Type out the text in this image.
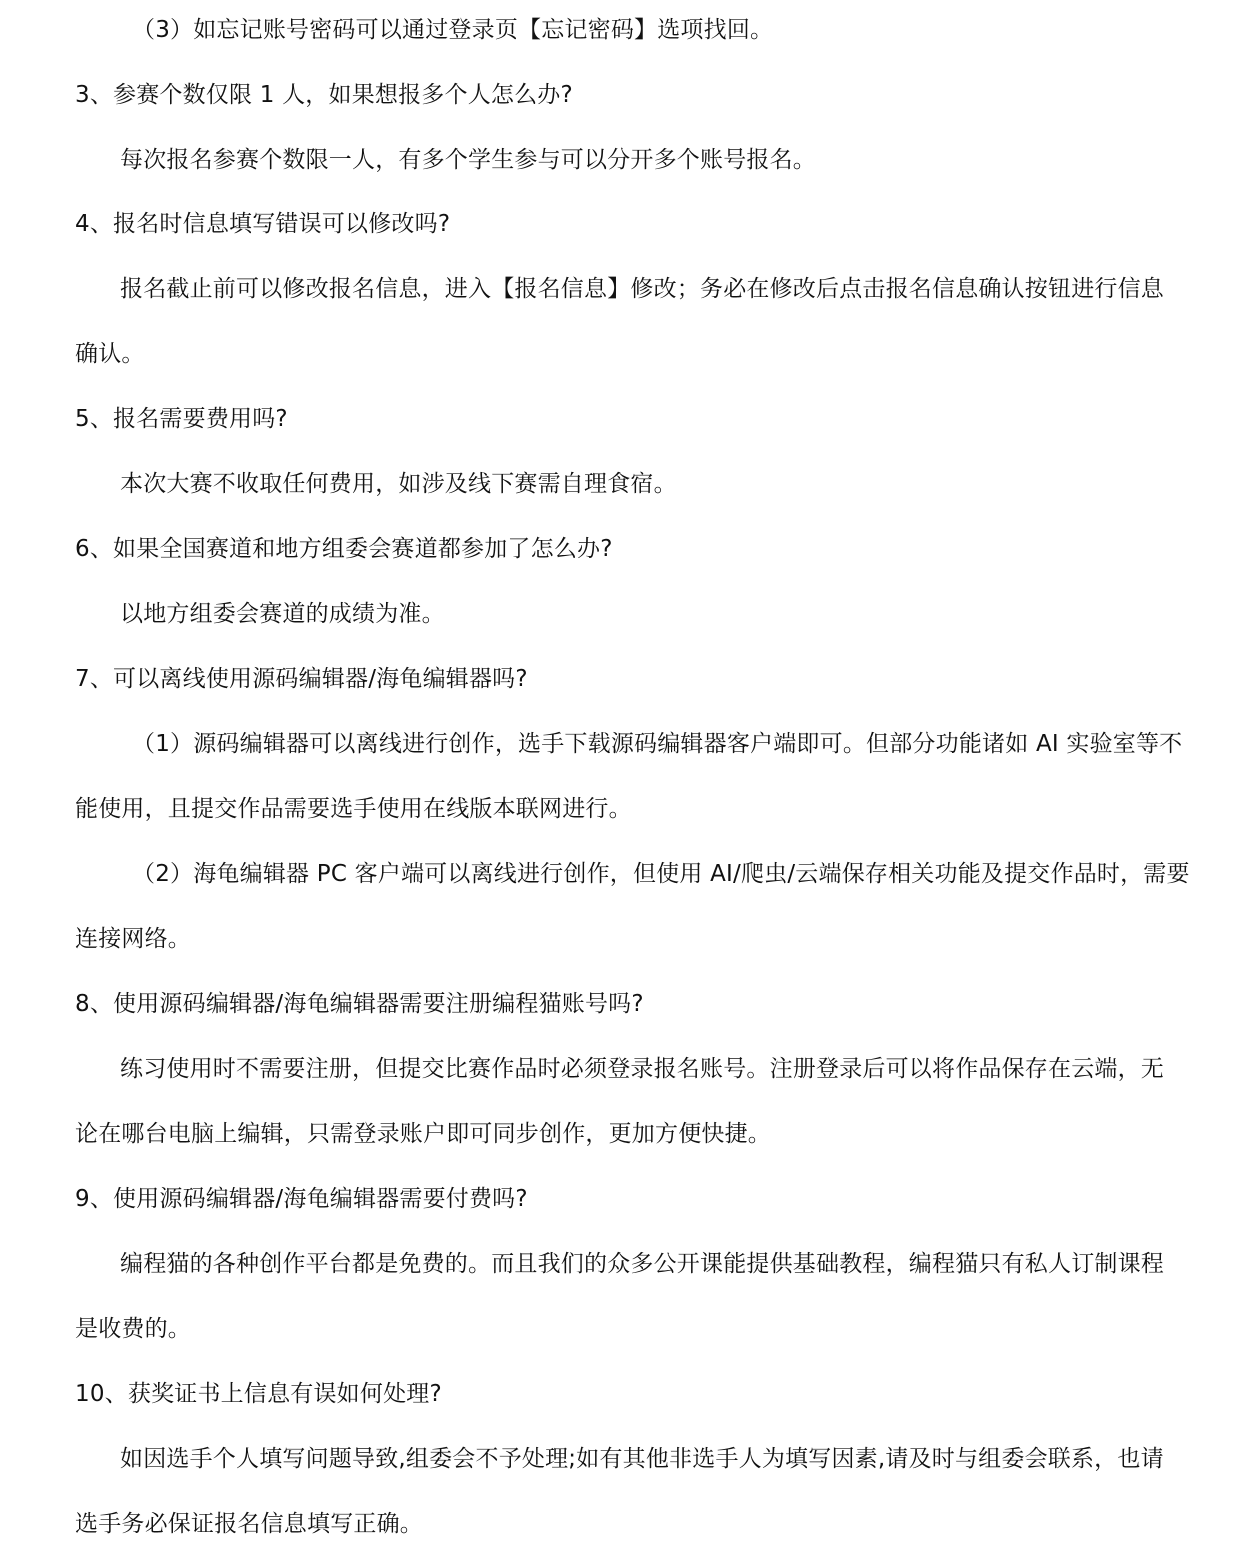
（3）如忘记账号密码可以通过登录页【忘记密码】选项找回。
3、参赛个数仅限 1 人，如果想报多个人怎么办?
每次报名参赛个数限一人，有多个学生参与可以分开多个账号报名。
4、报名时信息填写错误可以修改吗?
报名截止前可以修改报名信息，进入【报名信息】修改；务必在修改后点击报名信息确认按钮进行信息
确认。
5、报名需要费用吗?
本次大赛不收取任何费用，如涉及线下赛需自理食宿。
6、如果全国赛道和地方组委会赛道都参加了怎么办?
以地方组委会赛道的成绩为准。
7、可以离线使用源码编辑器/海龟编辑器吗?
（1）源码编辑器可以离线进行创作，选手下载源码编辑器客户端即可。但部分功能诸如 AI 实验室等不
能使用，且提交作品需要选手使用在线版本联网进行。
（2）海龟编辑器 PC 客户端可以离线进行创作，但使用 AI/爬虫/云端保存相关功能及提交作品时，需要
连接网络。
8、使用源码编辑器/海龟编辑器需要注册编程猫账号吗?
练习使用时不需要注册，但提交比赛作品时必须登录报名账号。注册登录后可以将作品保存在云端，无
论在哪台电脑上编辑，只需登录账户即可同步创作，更加方便快捷。
9、使用源码编辑器/海龟编辑器需要付费吗?
编程猫的各种创作平台都是免费的。而且我们的众多公开课能提供基础教程，编程猫只有私人订制课程
是收费的。
10、获奖证书上信息有误如何处理?
如因选手个人填写问题导致,组委会不予处理;如有其他非选手人为填写因素,请及时与组委会联系，也请
选手务必保证报名信息填写正确。
